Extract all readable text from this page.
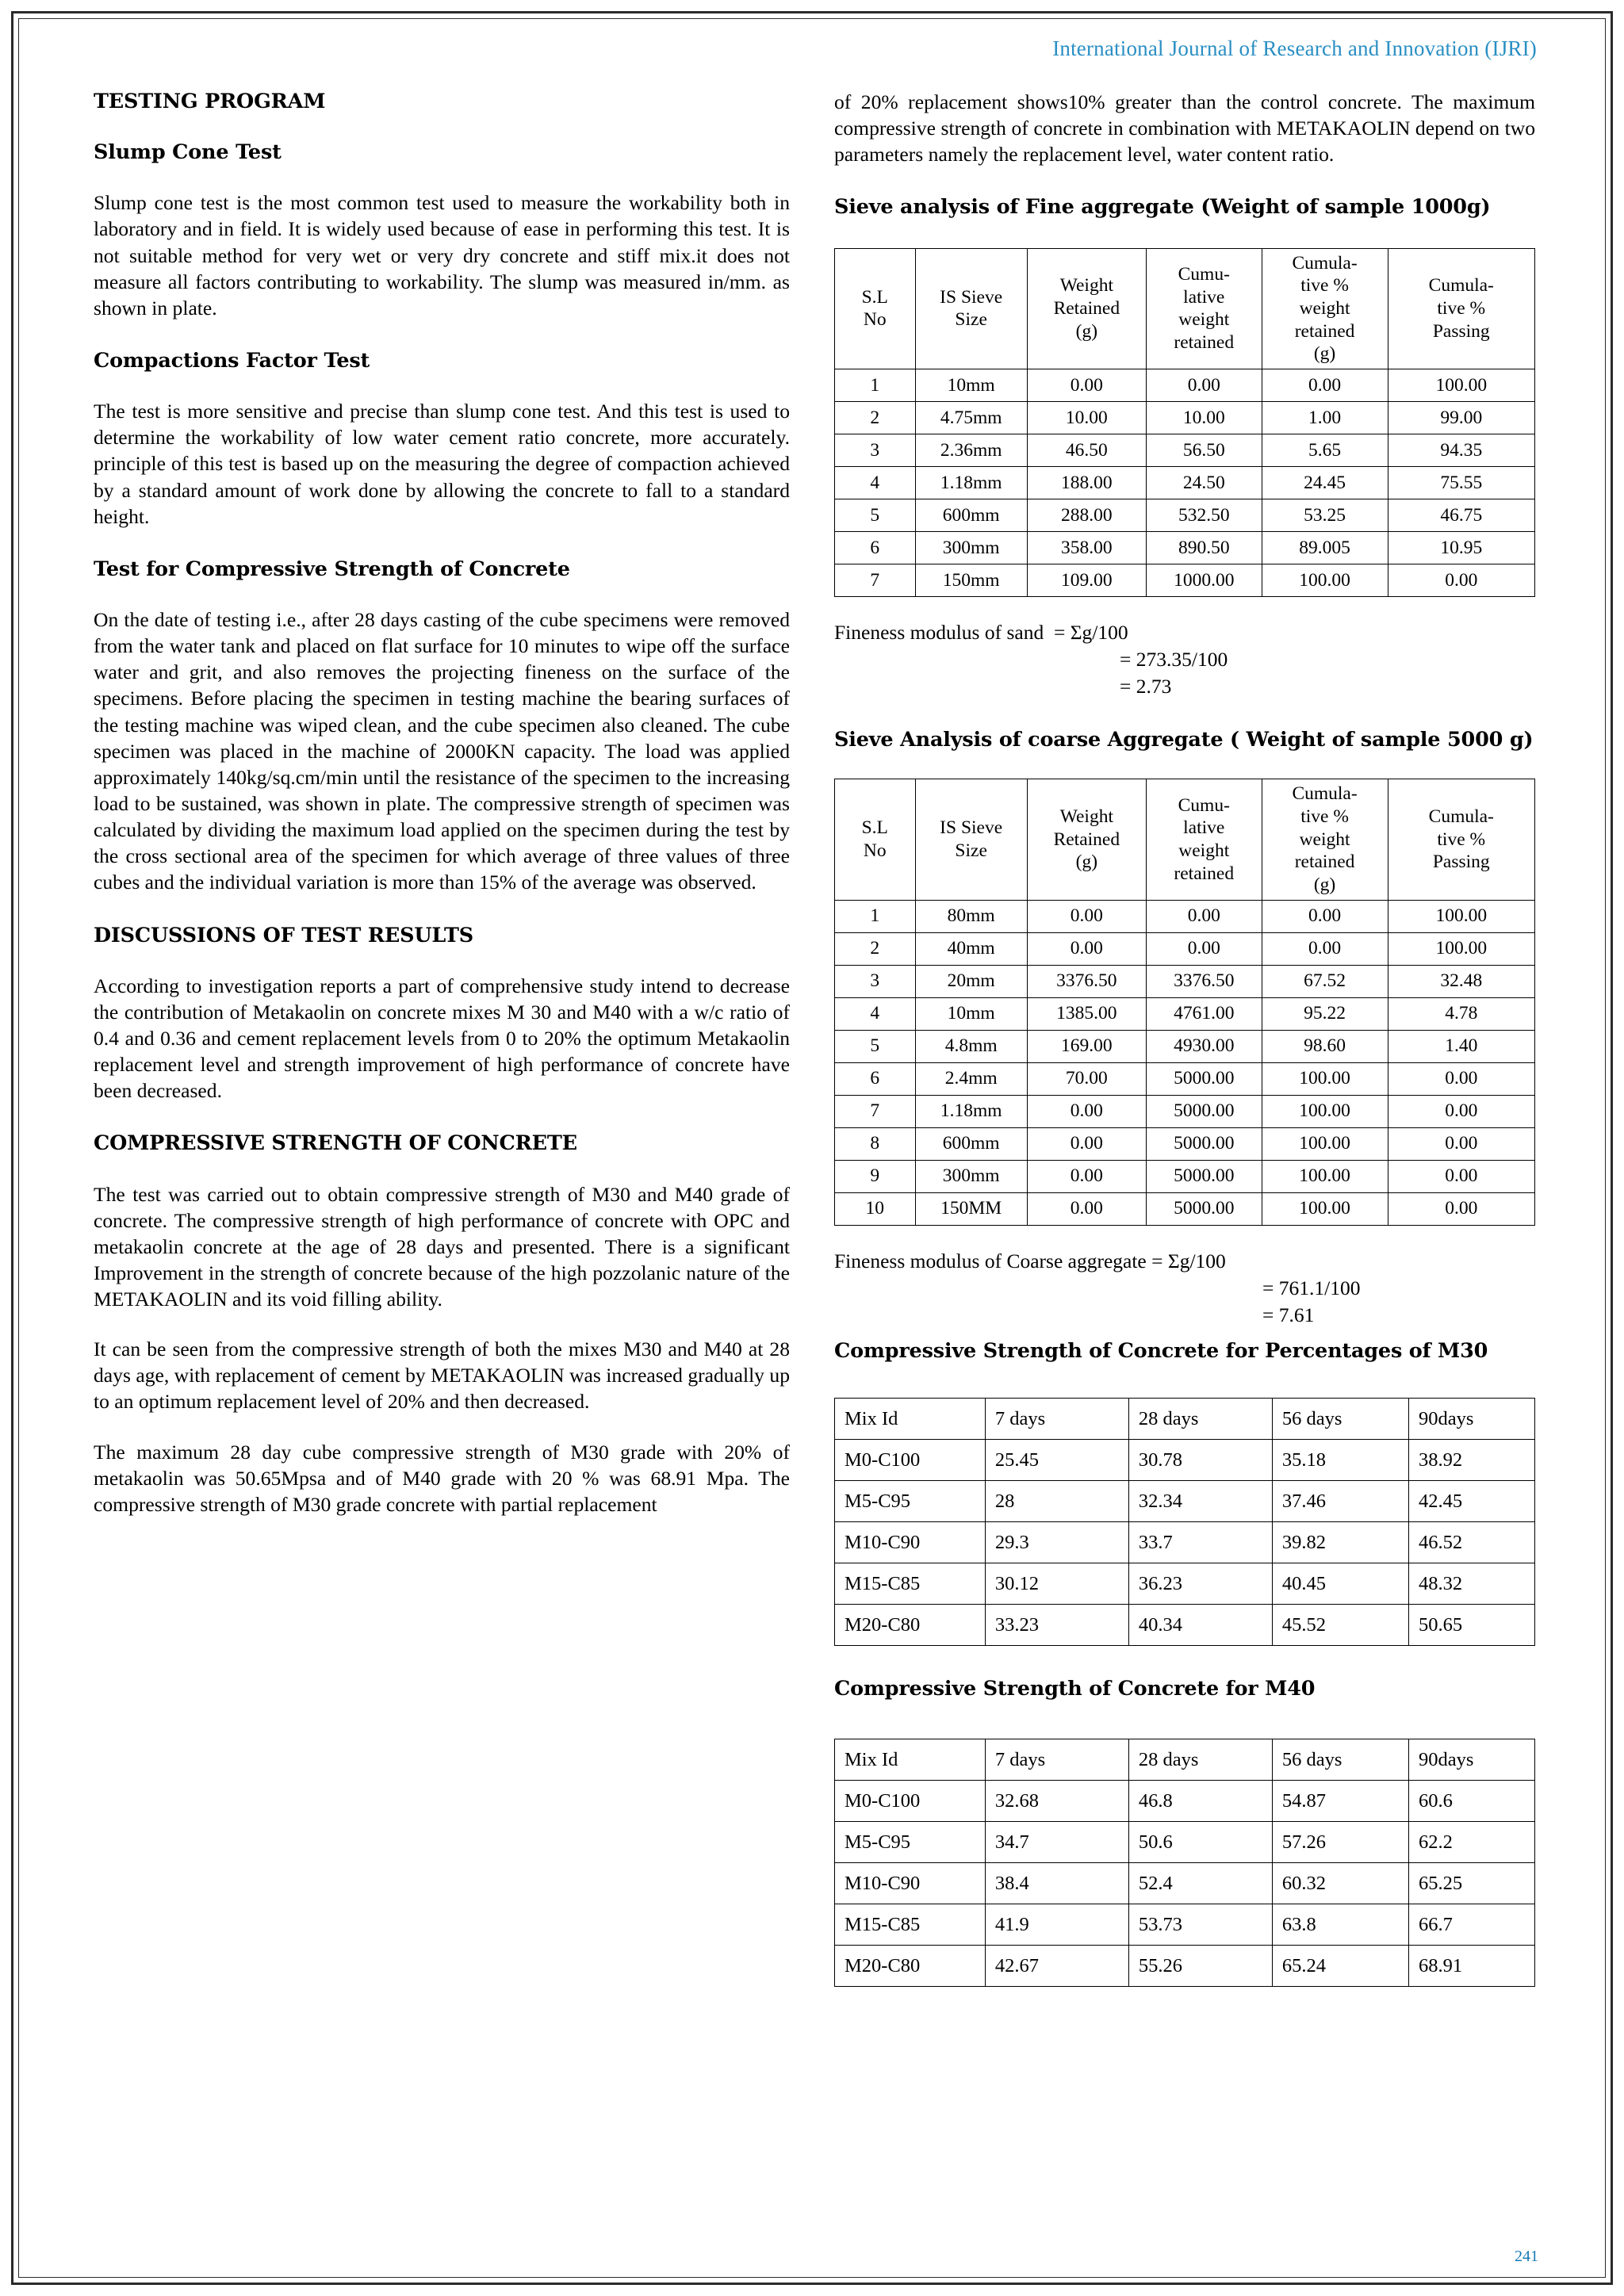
International Journal of Research and Innovation (IJRI)
TESTING PROGRAM
Slump Cone Test

Slump cone test is the most common test used to measure the workability both in laboratory and in field. It is widely used because of ease in performing this test. It is not suitable method for very wet or very dry concrete and stiff mix.it does not measure all factors contributing to workability. The slump was measured in/mm. as shown in plate.

Compactions Factor Test

The test is more sensitive and precise than slump cone test. And this test is used to determine the workability of low water cement ratio concrete, more accurately. principle of this test is based up on the measuring the degree of compaction achieved by a standard amount of work done by allowing the concrete to fall to a standard height.

Test for Compressive Strength of Concrete

On the date of testing i.e., after 28 days casting of the cube specimens were removed from the water tank and placed on flat surface for 10 minutes to wipe off the surface water and grit, and also removes the projecting fineness on the surface of the specimens. Before placing the specimen in testing machine the bearing surfaces of the testing machine was wiped clean, and the cube specimen also cleaned. The cube specimen was placed in the machine of 2000KN capacity. The load was applied approximately 140kg/sq.cm/min until the resistance of the specimen to the increasing load to be sustained, was shown in plate. The compressive strength of specimen was calculated by dividing the maximum load applied on the specimen during the test by the cross sectional area of the specimen for which average of three values of three cubes and the individual variation is more than 15% of the average was observed.

DISCUSSIONS OF TEST RESULTS

According to investigation reports a part of comprehensive study intend to decrease the contribution of Metakaolin on concrete mixes M 30 and M40 with a w/c ratio of 0.4 and 0.36 and cement replacement levels from 0 to 20% the optimum Metakaolin replacement level and strength improvement of high performance of concrete have been decreased.

COMPRESSIVE STRENGTH OF CONCRETE

The test was carried out to obtain compressive strength of M30 and M40 grade of concrete. The compressive strength of high performance of concrete with OPC and metakaolin concrete at the age of 28 days and presented. There is a significant Improvement in the strength of concrete because of the high pozzolanic nature of the METAKAOLIN and its void filling ability.

It can be seen from the compressive strength of both the mixes M30 and M40 at 28 days age, with replacement of cement by METAKAOLIN was increased gradually up to an optimum replacement level of 20% and then decreased.

The maximum 28 day cube compressive strength of M30 grade with 20% of metakaolin was 50.65Mpsa and of M40 grade with 20 % was 68.91 Mpa. The compressive strength of M30 grade concrete with partial replacement

of 20% replacement shows10% greater than the control concrete. The maximum compressive strength of concrete in combination with METAKAOLIN depend on two parameters namely the replacement level, water content ratio.

Sieve analysis of Fine aggregate (Weight of sample 1000g)
S.L
No	IS Sieve
Size	Weight
Retained
(g)	Cumu-
lative
weight
retained	Cumula-
tive %
weight
retained
(g)	Cumula-
tive %
Passing
1	10mm	0.00	0.00	0.00	100.00
2	4.75mm	10.00	10.00	1.00	99.00
3	2.36mm	46.50	56.50	5.65	94.35
4	1.18mm	188.00	24.50	24.45	75.55
5	600mm	288.00	532.50	53.25	46.75
6	300mm	358.00	890.50	89.005	10.95
7	150mm	109.00	1000.00	100.00	0.00
Fineness modulus of sand  = Σg/100
= 273.35/100
= 2.73
Sieve Analysis of coarse Aggregate ( Weight of sample 5000 g)
S.L
No	IS Sieve
Size	Weight
Retained
(g)	Cumu-
lative
weight
retained	Cumula-
tive %
weight
retained
(g)	Cumula-
tive %
Passing
1	80mm	0.00	0.00	0.00	100.00
2	40mm	0.00	0.00	0.00	100.00
3	20mm	3376.50	3376.50	67.52	32.48
4	10mm	1385.00	4761.00	95.22	4.78
5	4.8mm	169.00	4930.00	98.60	1.40
6	2.4mm	70.00	5000.00	100.00	0.00
7	1.18mm	0.00	5000.00	100.00	0.00
8	600mm	0.00	5000.00	100.00	0.00
9	300mm	0.00	5000.00	100.00	0.00
10	150MM	0.00	5000.00	100.00	0.00
Fineness modulus of Coarse aggregate = Σg/100
= 761.1/100
= 7.61
Compressive Strength of Concrete for Percentages of M30
Mix Id	7 days	28 days	56 days	90days
M0-C100	25.45	30.78	35.18	38.92
M5-C95	28	32.34	37.46	42.45
M10-C90	29.3	33.7	39.82	46.52
M15-C85	30.12	36.23	40.45	48.32
M20-C80	33.23	40.34	45.52	50.65
Compressive Strength of Concrete for M40
Mix Id	7 days	28 days	56 days	90days
M0-C100	32.68	46.8	54.87	60.6
M5-C95	34.7	50.6	57.26	62.2
M10-C90	38.4	52.4	60.32	65.25
M15-C85	41.9	53.73	63.8	66.7
M20-C80	42.67	55.26	65.24	68.91
241
